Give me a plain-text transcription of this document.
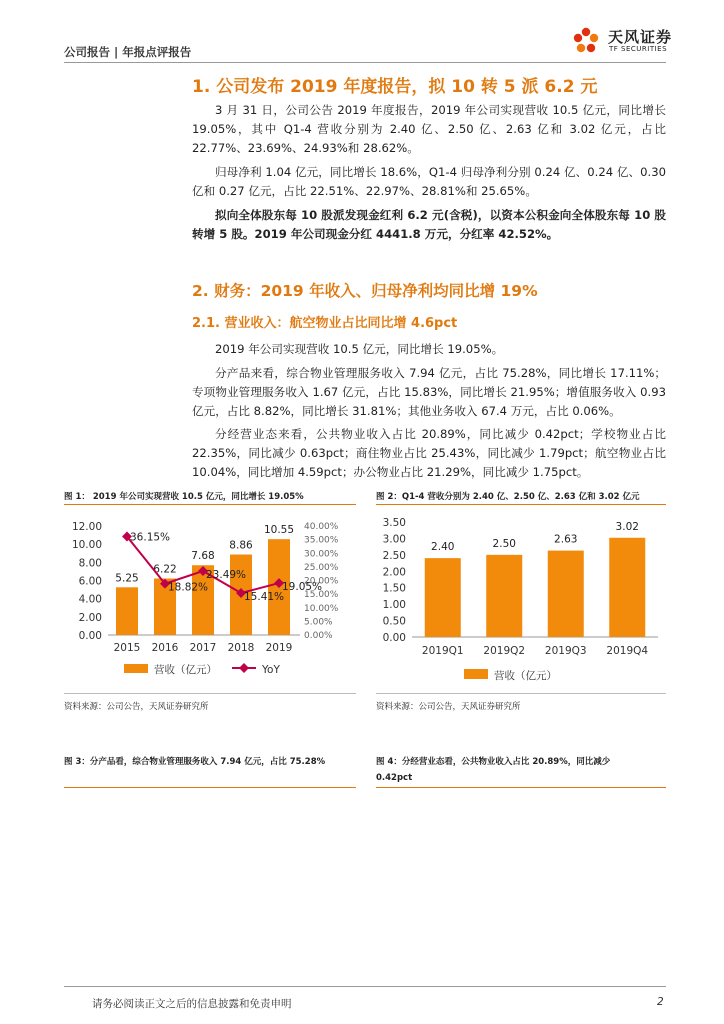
公司报告 | 年报点评报告
天风证券
TF SECURITIES
1. 公司发布 2019 年度报告，拟 10 转 5 派 6.2 元
3 月 31 日，公司公告 2019 年度报告，2019 年公司实现营收 10.5 亿元，同比增长 19.05%，其中 Q1-4 营收分别为 2.40 亿、2.50 亿、2.63 亿和 3.02 亿元，占比 22.77%、23.69%、24.93%和 28.62%。
归母净利 1.04 亿元，同比增长 18.6%，Q1-4 归母净利分别 0.24 亿、0.24 亿、0.30 亿和 0.27 亿元，占比 22.51%、22.97%、28.81%和 25.65%。
拟向全体股东每 10 股派发现金红利 6.2 元(含税)，以资本公积金向全体股东每 10 股转增 5 股。2019 年公司现金分红 4441.8 万元，分红率 42.52%。
2. 财务：2019 年收入、归母净利均同比增 19%
2.1. 营业收入：航空物业占比同比增 4.6pct
2019 年公司实现营收 10.5 亿元，同比增长 19.05%。
分产品来看，综合物业管理服务收入 7.94 亿元，占比 75.28%，同比增长 17.11%；专项物业管理服务收入 1.67 亿元，占比 15.83%，同比增长 21.95%；增值服务收入 0.93 亿元，占比 8.82%，同比增长 31.81%；其他业务收入 67.4 万元，占比 0.06%。
分经营业态来看，公共物业收入占比 20.89%，同比减少 0.42pct；学校物业占比 22.35%，同比减少 0.63pct；商住物业占比 25.43%，同比减少 1.79pct；航空物业占比 10.04%，同比增加 4.59pct；办公物业占比 21.29%，同比减少 1.75pct。
图 1： 2019 年公司实现营收 10.5 亿元，同比增长 19.05%	图 2：Q1-4 营收分别为 2.40 亿、2.50 亿、2.63 亿和 3.02 亿元
0.00
2.00
4.00
6.00
8.00
10.00
12.00
0.00%
5.00%
10.00%
15.00%
20.00%
25.00%
30.00%
35.00%
40.00%
5.25
2015
6.22
2016
7.68
2017
8.86
2018
10.55
2019
36.15%
18.82%
23.49%
15.41%
19.05%
营收（亿元）	YoY
0.00
0.50
1.00
1.50
2.00
2.50
3.00
3.50
2.40
2019Q1
2.50
2019Q2
2.63
2019Q3
3.02
2019Q4
营收（亿元）
资料来源：公司公告，天风证券研究所	资料来源：公司公告，天风证券研究所
图 3：分产品看，综合物业管理服务收入 7.94 亿元，占比 75.28%	图 4：分经营业态看，公共物业收入占比 20.89%，同比减少
0.42pct
请务必阅读正文之后的信息披露和免责申明	2
